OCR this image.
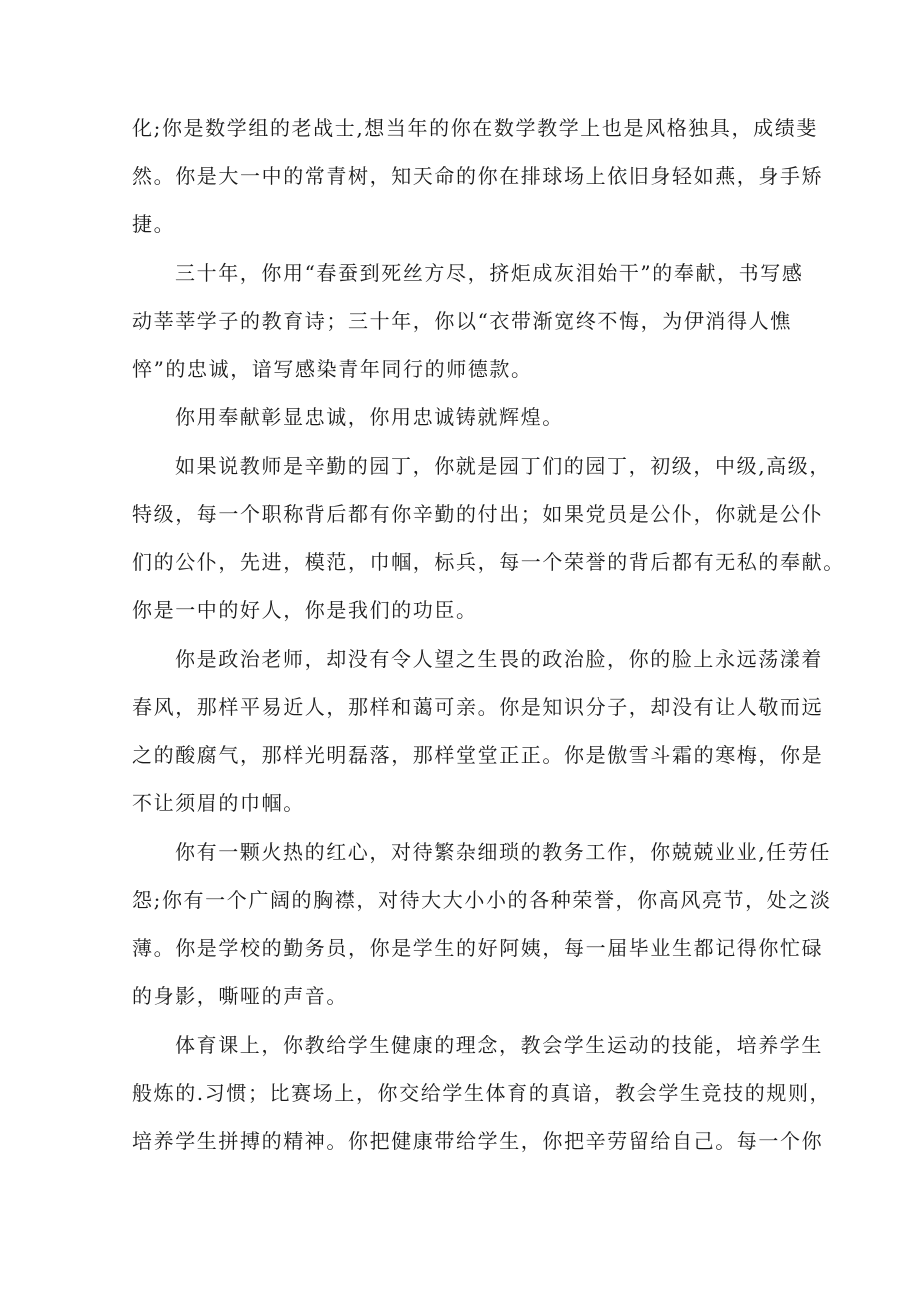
化;你是数学组的老战士,想当年的你在数学教学上也是风格独具，成绩斐

然。你是大一中的常青树，知天命的你在排球场上依旧身轻如燕，身手矫

捷。

三十年，你用“春蚕到死丝方尽，挤炬成灰泪始干”的奉献，书写感

动莘莘学子的教育诗；三十年，你以“衣带渐宽终不悔，为伊消得人憔

悴”的忠诚，谙写感染青年同行的师德款。

你用奉献彰显忠诚，你用忠诚铸就辉煌。

如果说教师是辛勤的园丁，你就是园丁们的园丁，初级，中级,高级，

特级，每一个职称背后都有你辛勤的付出；如果党员是公仆，你就是公仆

们的公仆，先进，模范，巾帼，标兵，每一个荣誉的背后都有无私的奉献。

你是一中的好人，你是我们的功臣。

你是政治老师，却没有令人望之生畏的政治脸，你的脸上永远荡漾着

春风，那样平易近人，那样和蔼可亲。你是知识分子，却没有让人敬而远

之的酸腐气，那样光明磊落，那样堂堂正正。你是傲雪斗霜的寒梅，你是

不让须眉的巾帼。

你有一颗火热的红心，对待繁杂细琐的教务工作，你兢兢业业,任劳任

怨;你有一个广阔的胸襟，对待大大小小的各种荣誉，你高风亮节，处之淡

薄。你是学校的勤务员，你是学生的好阿姨，每一届毕业生都记得你忙碌

的身影，嘶哑的声音。

体育课上，你教给学生健康的理念，教会学生运动的技能，培养学生

般炼的.习惯；比赛场上，你交给学生体育的真谙，教会学生竞技的规则，

培养学生拼搏的精神。你把健康带给学生，你把辛劳留给自己。每一个你
